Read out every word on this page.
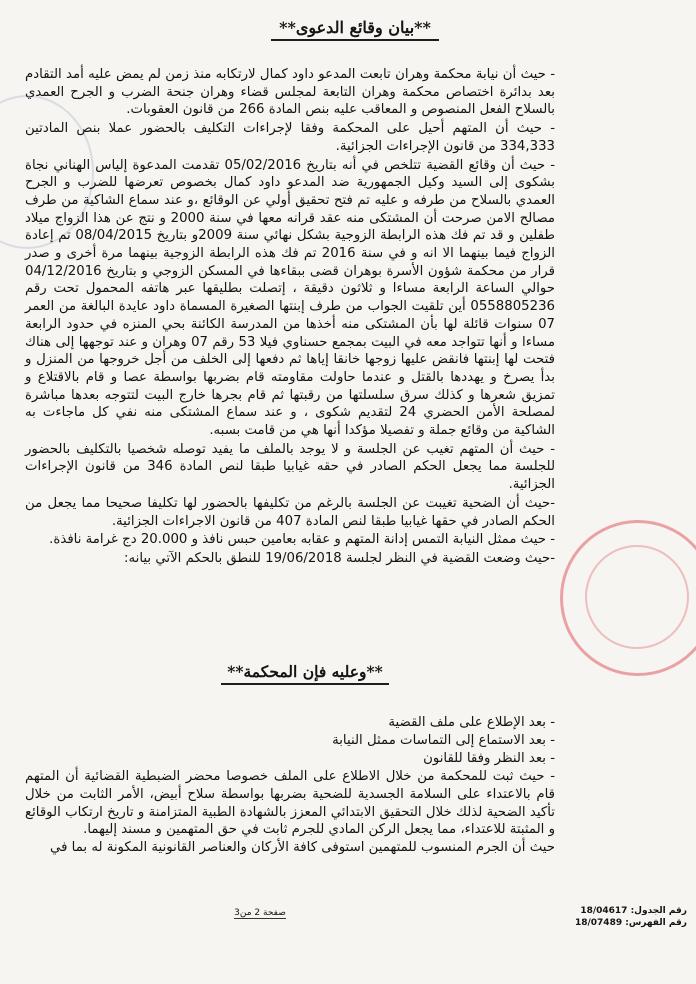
**بيان وقائع الدعوى**

- حيث أن نيابة محكمة وهران تابعت المدعو داود كمال لارتكابه منذ زمن لم يمض عليه أمد التقادم بعد بدائرة اختصاص محكمة وهران التابعة لمجلس قضاء وهران جنحة الضرب و الجرح العمدي بالسلاح الفعل المنصوص و المعاقب عليه بنص المادة 266 من قانون العقوبات.

- حيث أن المتهم أحيل على المحكمة وفقا لإجراءات التكليف بالحضور عملا بنص المادتين 334,333 من قانون الإجراءات الجزائية.

- حيث أن وقائع القضية تتلخص في أنه بتاريخ 05/02/2016 تقدمت المدعوة إلياس الهناني نجاة بشكوى إلى السيد وكيل الجمهورية ضد المدعو داود كمال بخصوص تعرضها للضرب و الجرح العمدي بالسلاح من طرفه و عليه تم فتح تحقيق أولي عن الوقائع ،و عند سماع الشاكية من طرف مصالح الامن صرحت أن المشتكى منه عقد قرانه معها في سنة 2000 و نتج عن هذا الزواج ميلاد طفلين و قد تم فك هذه الرابطة الزوجية بشكل نهائي سنة 2009و بتاريخ 08/04/2015 تم إعادة الزواج فيما بينهما الا انه و في سنة 2016 تم فك هذه الرابطة الزوجية بينهما مرة أخرى و صدر قرار من محكمة شؤون الأسرة بوهران قضى ببقاءها في المسكن الزوجي و بتاريخ 04/12/2016 حوالي الساعة الرابعة مساءا و ثلاثون دقيقة ، إتصلت بطليقها عبر هاتفه المحمول تحت رقم 0558805236 أين تلقيت الجواب من طرف إبنتها الصغيرة المسماة داود عايدة البالغة من العمر 07 سنوات قائلة لها بأن المشتكى منه أخذها من المدرسة الكائنة بحي المنزه في حدود الرابعة مساءا و أنها تتواجد معه في البيت بمجمع حسناوي فيلا 53 رقم 07 وهران و عند توجهها إلى هناك فتحت لها إبنتها فانقض عليها زوجها خانقا إياها ثم دفعها إلى الخلف من أجل خروجها من المنزل و بدأ يصرخ و يهددها بالقتل و عندما حاولت مقاومته قام بضربها بواسطة عصا و قام بالاقتلاع و تمزيق شعرها و كذلك سرق سلسلتها من رقبتها ثم قام بجرها خارج البيت لتتوجه بعدها مباشرة لمصلحة الأمن الحضري 24 لتقديم شكوى ، و عند سماع المشتكى منه نفي كل ماجاءت به الشاكية من وقائع جملة و تفصيلا مؤكدا أنها هي من قامت بسبه.

- حيث أن المتهم تغيب عن الجلسة و لا يوجد بالملف ما يفيد توصله شخصيا بالتكليف بالحضور للجلسة مما يجعل الحكم الصادر في حقه غيابيا طبقا لنص المادة 346 من قانون الإجراءات الجزائية.

-حيث أن الضحية تغيبت عن الجلسة بالرغم من تكليفها بالحضور لها تكليفا صحيحا مما يجعل من الحكم الصادر في حقها غيابيا طبقا لنص المادة 407 من قانون الاجراءات الجزائية.

- حيث ممثل النيابة التمس إدانة المتهم و عقابه بعامين حبس نافذ و 20.000 دج غرامة نافذة.

-حيث وضعت القضية في النظر لجلسة 19/06/2018 للنطق بالحكم الآتي بيانه:

**وعليه فإن المحكمة**

- بعد الإطلاع على ملف القضية

- بعد الاستماع إلى التماسات ممثل النيابة

- بعد النظر وفقا للقانون

- حيث ثبت للمحكمة من خلال الاطلاع على الملف خصوصا محضر الضبطية القضائية أن المتهم قام بالاعتداء على السلامة الجسدية للضحية بضربها بواسطة سلاح أبيض، الأمر الثابت من خلال تأكيد الضحية لذلك خلال التحقيق الابتدائي المعزز بالشهادة الطبية المتزامنة و تاريخ ارتكاب الوقائع و المثبتة للاعتداء، مما يجعل الركن المادي للجرم ثابت في حق المتهمين و مسند إليهما.

حيث أن الجرم المنسوب للمتهمين استوفى كافة الأركان والعناصر القانونية المكونة له بما في

صفحة 2 من3	رقم الجدول: 18/04617
رقم الفهرس: 18/07489
